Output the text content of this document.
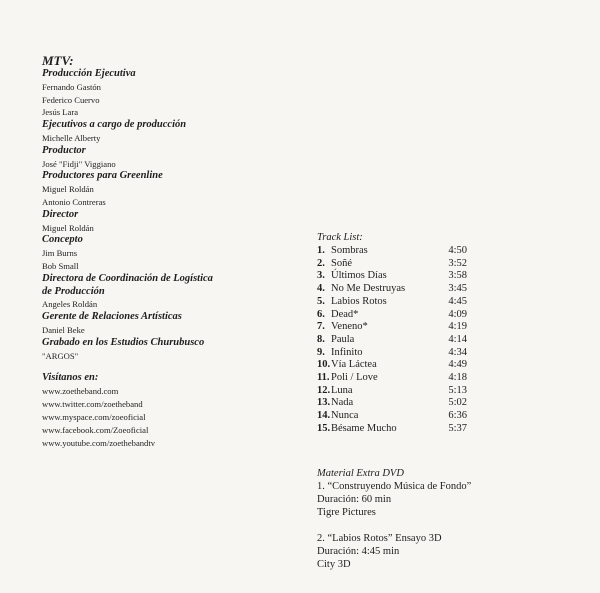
MTV:
Producción Ejecutiva
Fernando Gastón
Federico Cuervo
Jesús Lara
Ejecutivos a cargo de producción
Michelle Alberty
Productor
José "Fidji" Viggiano
Productores para Greenline
Miguel Roldán
Antonio Contreras
Director
Miguel Roldán
Concepto
Jim Burns
Bob Small
Directora de Coordinación de Logística
de Producción
Angeles Roldán
Gerente de Relaciones Artísticas
Daniel Beke
Grabado en los Estudios Churubusco
"ARGOS"
Visítanos en:
www.zoetheband.com
www.twitter.com/zoetheband
www.myspace.com/zoeoficial
www.facebook.com/Zoeoficial
www.youtube.com/zoethebandtv
Track List:
1. Sombras	4:50
2. Soñé	3:52
3. Últimos Días	3:58
4. No Me Destruyas	3:45
5. Labios Rotos	4:45
6. Dead*	4:09
7. Veneno*	4:19
8. Paula	4:14
9. Infinito	4:34
10. Vía Láctea	4:49
11. Poli / Love	4:18
12. Luna	5:13
13. Nada	5:02
14. Nunca	6:36
15. Bésame Mucho	5:37
Material Extra DVD
1. “Construyendo Música de Fondo”
Duración: 60 min
Tigre Pictures
2. “Labios Rotos” Ensayo 3D
Duración: 4:45 min
City 3D
